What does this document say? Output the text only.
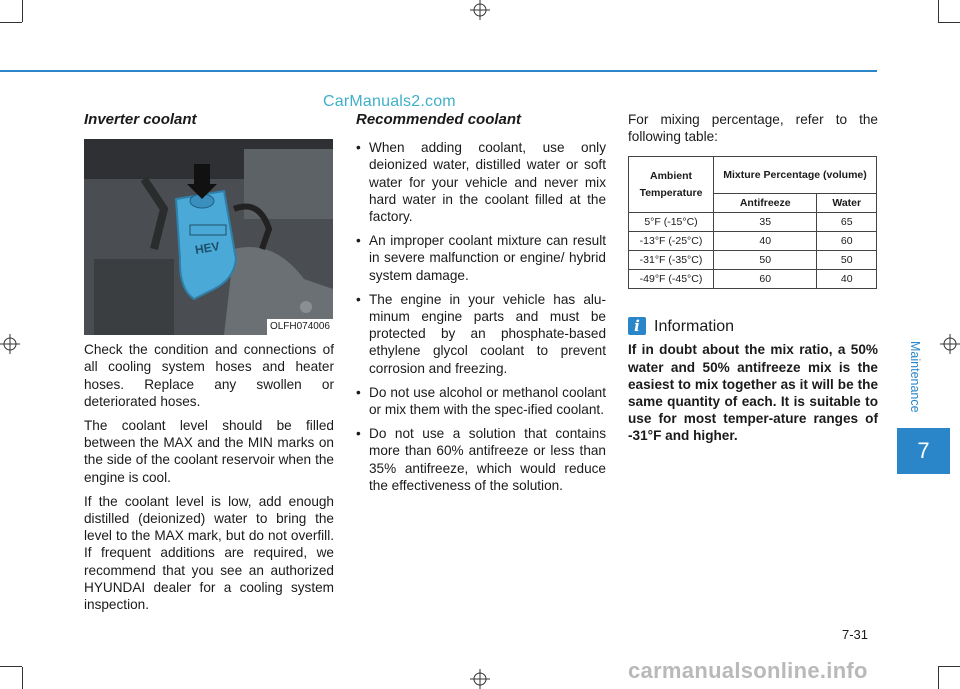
CarManuals2.com
Inverter coolant
HEV
OLFH074006

Check the condition and connections of all cooling system hoses and heater hoses. Replace any swollen or deteriorated hoses.

The coolant level should be filled between the MAX and the MIN marks on the side of the coolant reservoir when the engine is cool.

If the coolant level is low, add enough distilled (deionized) water to bring the level to the MAX mark, but do not overfill. If frequent additions are required, we recommend that you see an authorized HYUNDAI dealer for a cooling system inspection.

Recommended coolant
• When adding coolant, use only deionized water, distilled water or soft water for your vehicle and never mix hard water in the coolant filled at the factory.
• An improper coolant mixture can result in severe malfunction or engine/ hybrid system damage.
• The engine in your vehicle has alu-minum engine parts and must be protected by an phosphate-based ethylene glycol coolant to prevent corrosion and freezing.
• Do not use alcohol or methanol coolant or mix them with the spec-ified coolant.
• Do not use a solution that contains more than 60% antifreeze or less than 35% antifreeze, which would reduce the effectiveness of the solution.

For mixing percentage, refer to the following table:

Ambient Temperature	Mixture Percentage (volume)	
	Antifreeze	Water
5°F (-15°C)	35	65
-13°F (-25°C)	40	60
-31°F (-35°C)	50	50
-49°F (-45°C)	60	40
i Information
If in doubt about the mix ratio, a 50% water and 50% antifreeze mix is the easiest to mix together as it will be the same quantity of each. It is suitable to use for most temper-ature ranges of -31°F and higher.
Maintenance
7
7-31
carmanualsonline.info
